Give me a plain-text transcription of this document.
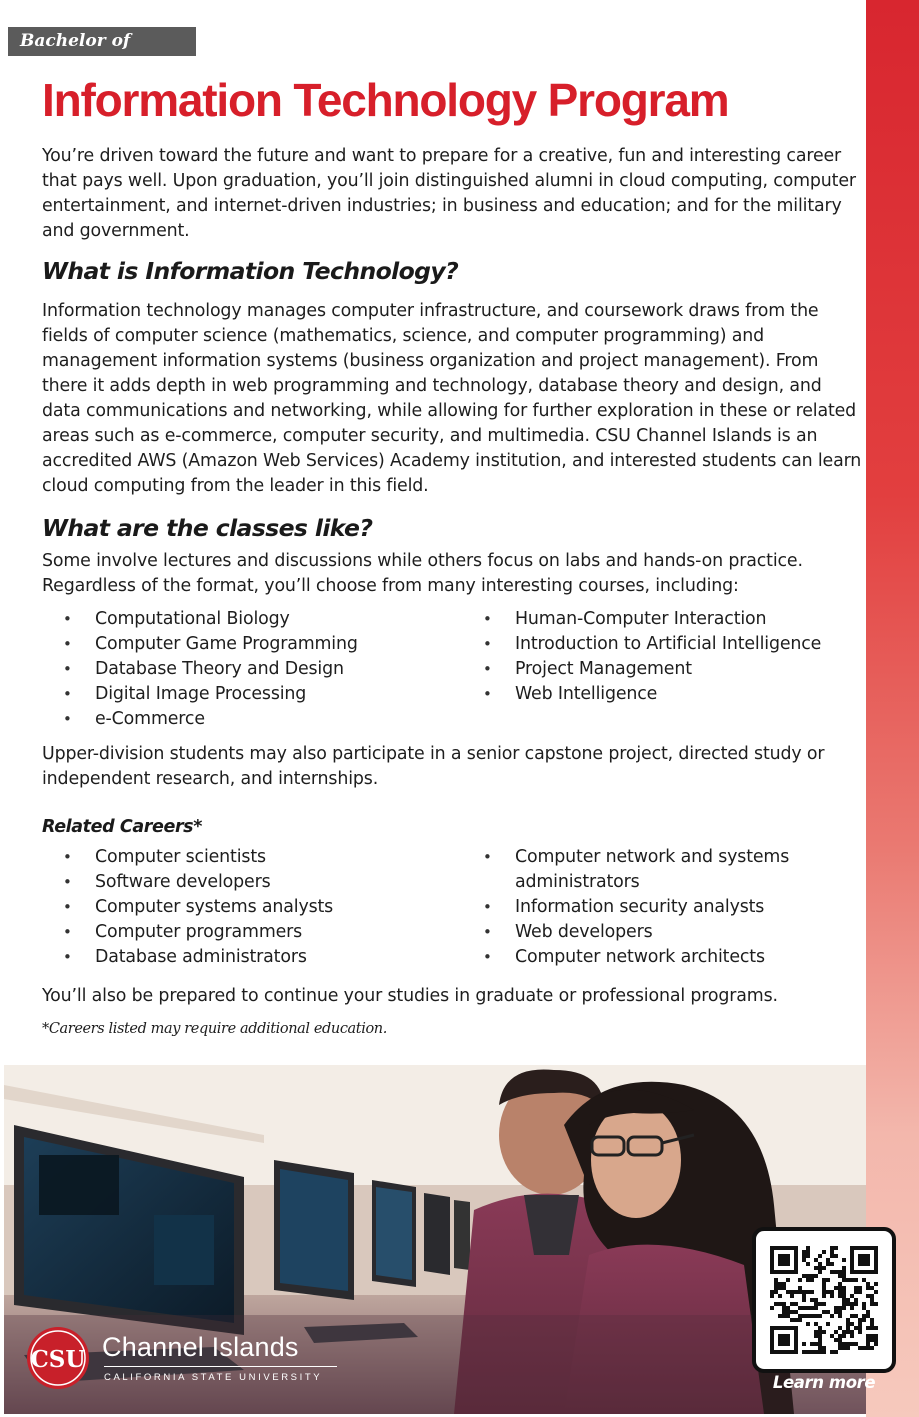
Bachelor of Science
Information Technology Program

You’re driven toward the future and want to prepare for a creative, fun and interesting career that pays well. Upon graduation, you’ll join distinguished alumni in cloud computing, computer entertainment, and internet-driven industries; in business and education; and for the military and government.

What is Information Technology?

Information technology manages computer infrastructure, and coursework draws from the fields of computer science (mathematics, science, and computer programming) and management information systems (business organization and project management). From there it adds depth in web programming and technology, database theory and design, and data communications and networking, while allowing for further exploration in these or related areas such as e-commerce, computer security, and multimedia. CSU Channel Islands is an accredited AWS (Amazon Web Services) Academy institution, and interested students can learn cloud computing from the leader in this field.

What are the classes like?

Some involve lectures and discussions while others focus on labs and hands-on practice. Regardless of the format, you’ll choose from many interesting courses, including:

• Computational Biology
• Computer Game Programming
• Database Theory and Design
• Digital Image Processing
• e-Commerce
• Human-Computer Interaction
• Introduction to Artificial Intelligence
• Project Management
• Web Intelligence

Upper-division students may also participate in a senior capstone project, directed study or independent research, and internships.

Related Careers*
• Computer scientists
• Software developers
• Computer systems analysts
• Computer programmers
• Database administrators
• Computer network and systems administrators
• Information security analysts
• Web developers
• Computer network architects

You’ll also be prepared to continue your studies in graduate or professional programs.

*Careers listed may require additional education.

CSU Channel Islands
CALIFORNIA STATE UNIVERSITY	Learn more
